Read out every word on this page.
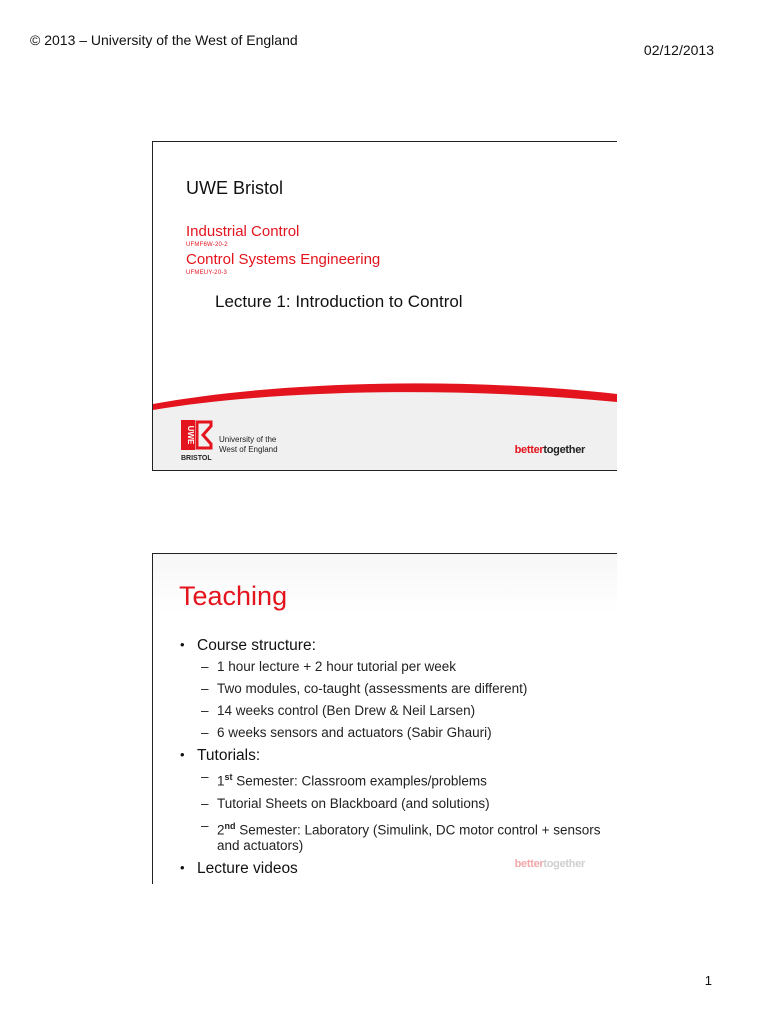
© 2013 – University of the West of England
02/12/2013
UWE Bristol
Industrial Control
UFMF6W-20-2
Control Systems Engineering
UFMEUY-20-3
Lecture 1: Introduction to Control
UWE
BRISTOL
University of the
West of England	bettertogether
Teaching
• Course structure:
– 1 hour lecture + 2 hour tutorial per week
– Two modules, co-taught (assessments are different)
– 14 weeks control (Ben Drew & Neil Larsen)
– 6 weeks sensors and actuators (Sabir Ghauri)
• Tutorials:
– 1st Semester: Classroom examples/problems
– Tutorial Sheets on Blackboard (and solutions)
– 2nd Semester: Laboratory (Simulink, DC motor control + sensors and actuators)
• Lecture videos	bettertogether
1
